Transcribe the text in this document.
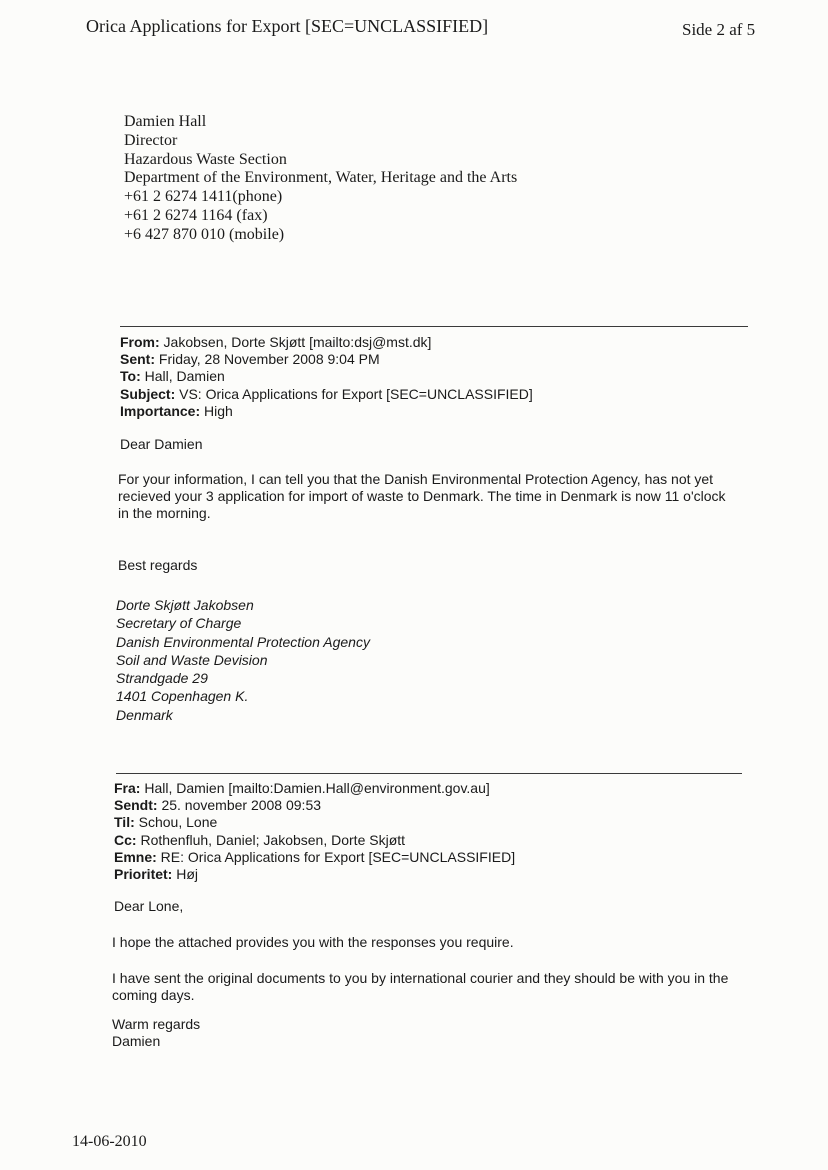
Orica Applications for Export [SEC=UNCLASSIFIED]	Side 2 af 5
Damien Hall
Director
Hazardous Waste Section
Department of the Environment, Water, Heritage and the Arts
+61 2 6274 1411(phone)
+61 2 6274 1164 (fax)
+6 427 870 010 (mobile)
From: Jakobsen, Dorte Skjøtt [mailto:dsj@mst.dk]
Sent: Friday, 28 November 2008 9:04 PM
To: Hall, Damien
Subject: VS: Orica Applications for Export [SEC=UNCLASSIFIED]
Importance: High
Dear Damien
For your information, I can tell you that the Danish Environmental Protection Agency, has not yet recieved your 3 application for import of waste to Denmark. The time in Denmark is now 11 o'clock in the morning.
Best regards
Dorte Skjøtt Jakobsen
Secretary of Charge
Danish Environmental Protection Agency
Soil and Waste Devision
Strandgade 29
1401 Copenhagen K.
Denmark
Fra: Hall, Damien [mailto:Damien.Hall@environment.gov.au]
Sendt: 25. november 2008 09:53
Til: Schou, Lone
Cc: Rothenfluh, Daniel; Jakobsen, Dorte Skjøtt
Emne: RE: Orica Applications for Export [SEC=UNCLASSIFIED]
Prioritet: Høj
Dear Lone,
I hope the attached provides you with the responses you require.
I have sent the original documents to you by international courier and they should be with you in the coming days.
Warm regards
Damien
14-06-2010
